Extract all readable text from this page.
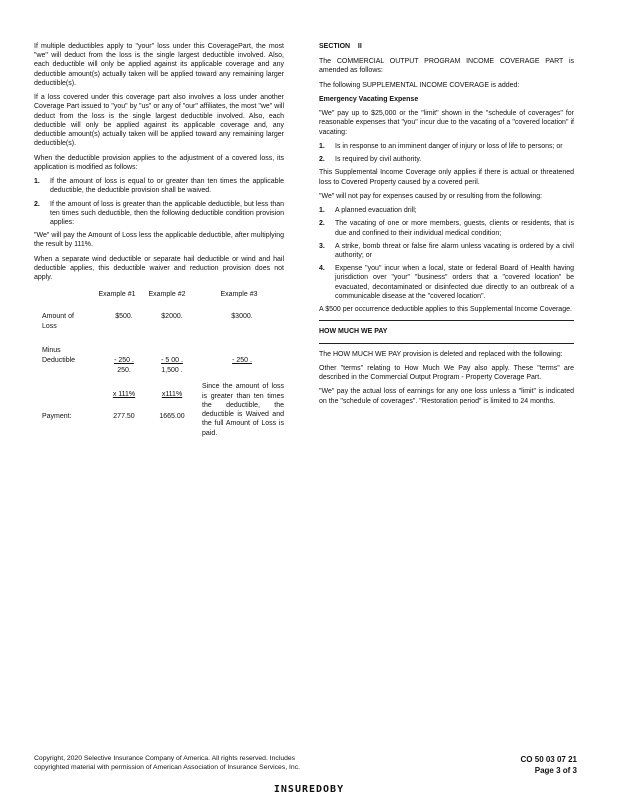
If multiple deductibles apply to "your" loss under this CoveragePart, the most "we" will deduct from the loss is the single largest deductible involved. Also, each deductible will only be applied against its applicable coverage and any deductible amount(s) actually taken will be applied toward any remaining larger deductible(s).

If a loss covered under this coverage part also involves a loss under another Coverage Part issued to "you" by "us" or any of "our" affiliates, the most "we" will deduct from the loss is the single largest deductible involved. Also, each deductible will only be applied against its applicable coverage and, any deductible amount(s) actually taken will be applied toward any remaining larger deductible(s).

When the deductible provision applies to the adjustment of a covered loss, its application is modified as follows:

1.	If the amount of loss is equal to or greater than ten times the applicable deductible, the deductible provision shall be waived.
2.	If the amount of loss is greater than the applicable deductible, but less than ten times such deductible, then the following deductible condition provision applies:

"We" will pay the Amount of Loss less the applicable deductible, after multiplying the result by 111%.

When a separate wind deductible or separate hail deductible or wind and hail deductible applies, this deductible waiver and reduction provision does not apply.

Example #1	Example #2	Example #3
Amount of Loss
$500.	$2000.	$3000.
Minus
Deductible	- 250 .	- 5 00 .	- 250 .
250.	1,500 .
x 111%	x111%
Payment:	277.50	1665.00
Since the amount of loss is greater than ten times the deductible, the deductible is Waived and the full Amount of Loss is paid.
SECTION II

The COMMERCIAL OUTPUT PROGRAM INCOME COVERAGE PART is amended as follows:

The following SUPPLEMENTAL INCOME COVERAGE is added:

Emergency Vacating Expense

"We" pay up to $25,000 or the "limit" shown in the "schedule of coverages" for reasonable expenses that "you" incur due to the vacating of a "covered location" if vacating:

1.	Is in response to an imminent danger of injury or loss of life to persons; or
2.	Is required by civil authority.

This Supplemental Income Coverage only applies if there is actual or threatened loss to Covered Property caused by a covered peril.

"We" will not pay for expenses caused by or resulting from the following:

1.	A planned evacuation drill;
2.	The vacating of one or more members, guests, clients or residents, that is due and confined to their individual medical condition;
3.	A strike, bomb threat or false fire alarm unless vacating is ordered by a civil authority; or
4.	Expense "you" incur when a local, state or federal Board of Health having jurisdiction over "your" "business" orders that a "covered location" be evacuated, decontaminated or disinfected due directly to an outbreak of a communicable disease at the "covered location".

A $500 per occurrence deductible applies to this Supplemental Income Coverage.

HOW MUCH WE PAY

The HOW MUCH WE PAY provision is deleted and replaced with the following:

Other "terms" relating to How Much We Pay also apply. These "terms" are described in the Commercial Output Program - Property Coverage Part.

"We" pay the actual loss of earnings for any one loss unless a "limit" is indicated on the "schedule of coverages". "Restoration period" is limited to 24 months.

Copyright, 2020 Selective Insurance Company of America. All rights reserved. Includes
copyrighted material with permission of American Association of Insurance Services, Inc.
CO 50 03 07 21
Page 3 of 3
INSUREDOBY
